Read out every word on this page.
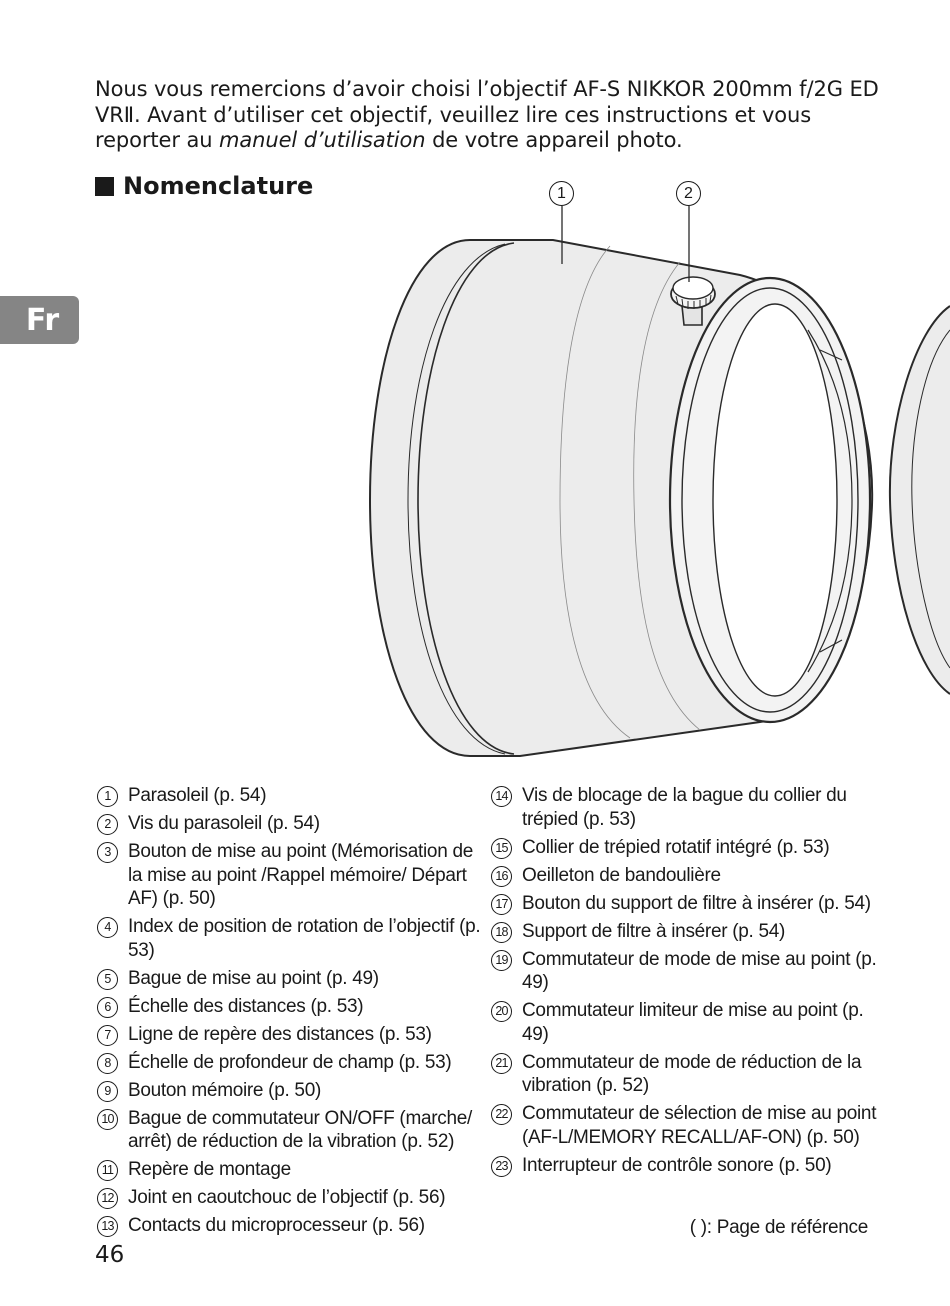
Nous vous remercions d’avoir choisi l’objectif AF-S NIKKOR 200mm f/2G ED VRⅡ. Avant d’utiliser cet objectif, veuillez lire ces instructions et vous reporter au manuel d’utilisation de votre appareil photo.

Nomenclature
Fr
1	2
1 Parasoleil (p. 54)
2 Vis du parasoleil (p. 54)
3 Bouton de mise au point (Mémorisation de la mise au point /Rappel mémoire/ Départ AF) (p. 50)
4 Index de position de rotation de l’objectif (p. 53)
5 Bague de mise au point (p. 49)
6 Échelle des distances (p. 53)
7 Ligne de repère des distances (p. 53)
8 Échelle de profondeur de champ (p. 53)
9 Bouton mémoire (p. 50)
10 Bague de commutateur ON/OFF (marche/ arrêt) de réduction de la vibration (p. 52)
11 Repère de montage
12 Joint en caoutchouc de l’objectif (p. 56)
13 Contacts du microprocesseur (p. 56)
14 Vis de blocage de la bague du collier du trépied (p. 53)
15 Collier de trépied rotatif intégré (p. 53)
16 Oeilleton de bandoulière
17 Bouton du support de filtre à insérer (p. 54)
18 Support de filtre à insérer (p. 54)
19 Commutateur de mode de mise au point (p. 49)
20 Commutateur limiteur de mise au point (p. 49)
21 Commutateur de mode de réduction de la vibration (p. 52)
22 Commutateur de sélection de mise au point (AF-L/MEMORY RECALL/AF-ON) (p. 50)
23 Interrupteur de contrôle sonore (p. 50)

( ): Page de référence

46
